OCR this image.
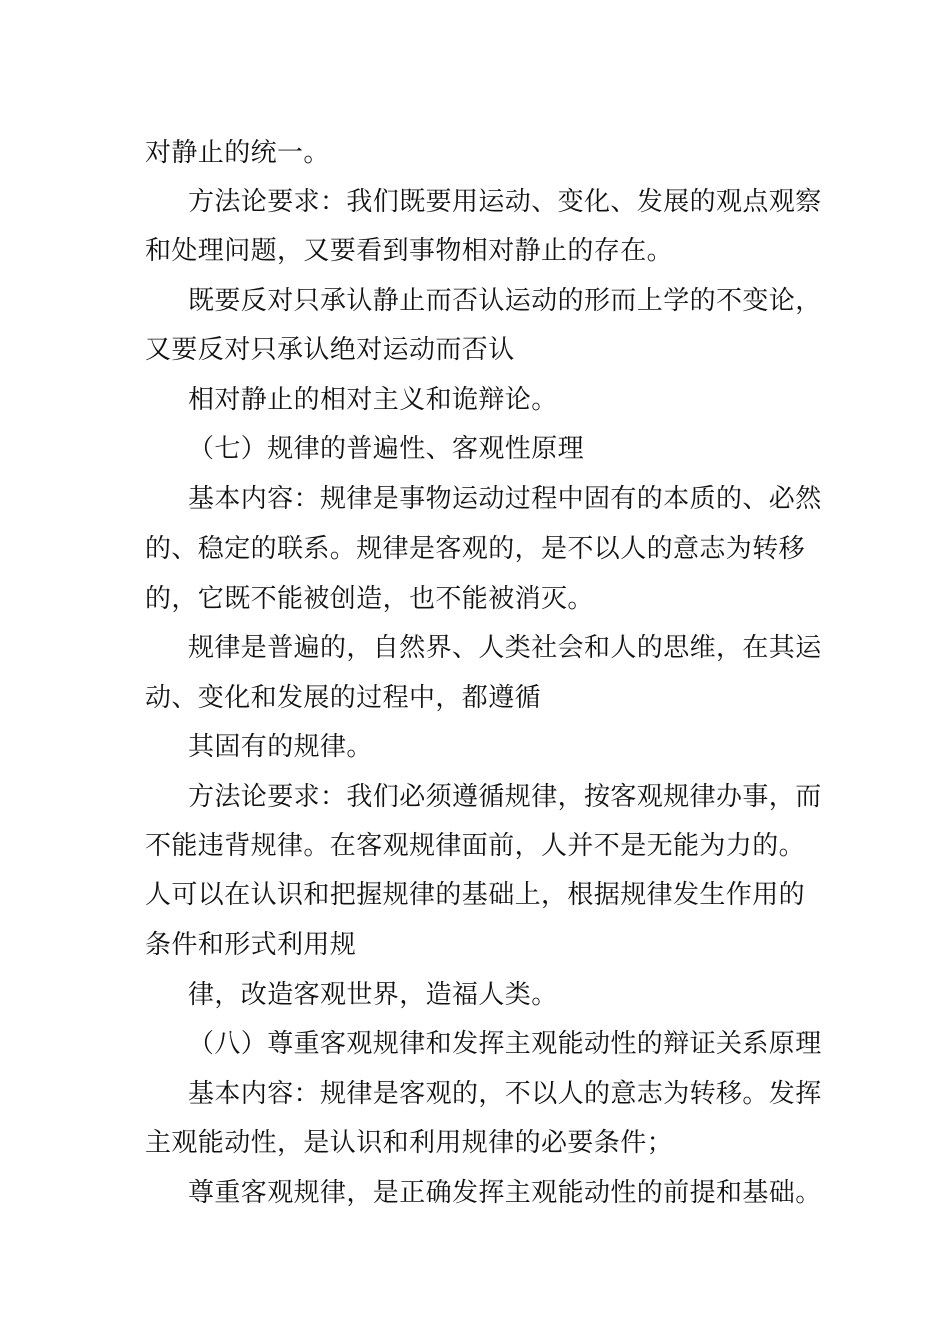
对静止的统一。
方法论要求：我们既要用运动、变化、发展的观点观察
和处理问题，又要看到事物相对静止的存在。
既要反对只承认静止而否认运动的形而上学的不变论，
又要反对只承认绝对运动而否认
相对静止的相对主义和诡辩论。
（七）规律的普遍性、客观性原理
基本内容：规律是事物运动过程中固有的本质的、必然
的、稳定的联系。规律是客观的，是不以人的意志为转移
的，它既不能被创造，也不能被消灭。
规律是普遍的，自然界、人类社会和人的思维，在其运
动、变化和发展的过程中，都遵循
其固有的规律。
方法论要求：我们必须遵循规律，按客观规律办事，而
不能违背规律。在客观规律面前，人并不是无能为力的。
人可以在认识和把握规律的基础上，根据规律发生作用的
条件和形式利用规
律，改造客观世界，造福人类。
（八）尊重客观规律和发挥主观能动性的辩证关系原理
基本内容：规律是客观的，不以人的意志为转移。发挥
主观能动性，是认识和利用规律的必要条件；
尊重客观规律，是正确发挥主观能动性的前提和基础。
